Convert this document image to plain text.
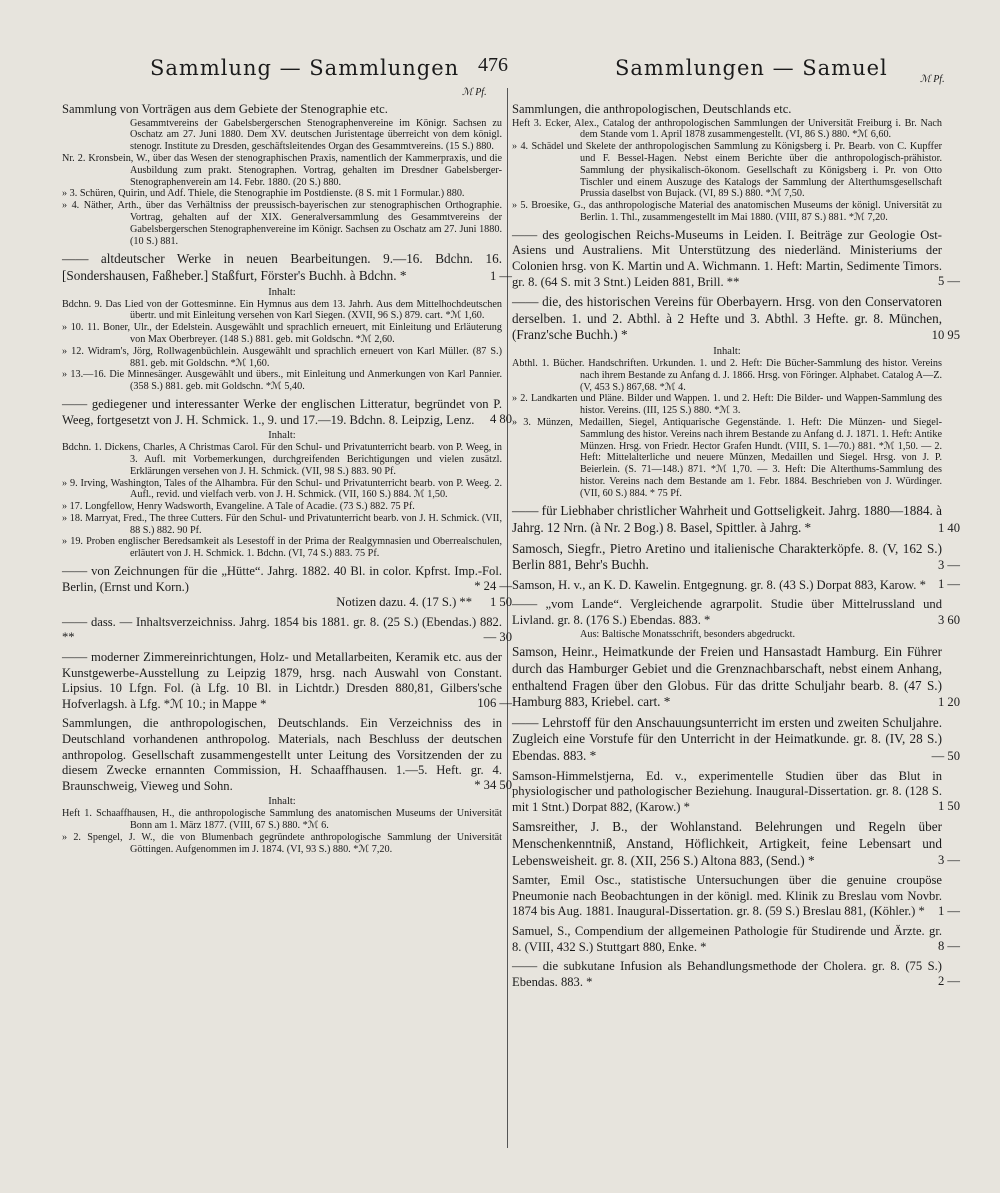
Sammlung — Sammlungen 476	Sammlungen — Samuel
ℳ Pf.
ℳ Pf.

Sammlung von Vorträgen aus dem Gebiete der Stenographie etc.

Gesammtvereins der Gabelsbergerschen Stenographenvereine im Königr. Sachsen zu Oschatz am 27. Juni 1880. Dem XV. deutschen Juristentage überreicht von dem königl. stenogr. Institute zu Dresden, geschäftsleitendes Organ des Gesammtvereins. (15 S.) 880.

Nr. 2. Kronsbein, W., über das Wesen der stenographischen Praxis, namentlich der Kammerpraxis, und die Ausbildung zum prakt. Stenographen. Vortrag, gehalten im Dresdner Gabelsberger-Stenographenverein am 14. Febr. 1880. (20 S.) 880.

» 3. Schüren, Quirin, und Adf. Thiele, die Stenographie im Postdienste. (8 S. mit 1 Formular.) 880.

» 4. Näther, Arth., über das Verhältniss der preussisch-bayerischen zur stenographischen Orthographie. Vortrag, gehalten auf der XIX. Generalversammlung des Gesammtvereins der Gabelsbergerschen Stenographenvereine im Königr. Sachsen zu Oschatz am 27. Juni 1880. (10 S.) 881.

—— altdeutscher Werke in neuen Bearbeitungen. 9.—16. Bdchn. 16. [Sondershausen, Faßheber.] Staßfurt, Förster's Buchh. à Bdchn. *

Inhalt:

Bdchn. 9. Das Lied von der Gottesminne. Ein Hymnus aus dem 13. Jahrh. Aus dem Mittelhochdeutschen übertr. und mit Einleitung versehen von Karl Siegen. (XVII, 96 S.) 879. cart. *ℳ 1,60.

» 10. 11. Boner, Ulr., der Edelstein. Ausgewählt und sprachlich erneuert, mit Einleitung und Erläuterung von Max Oberbreyer. (148 S.) 881. geb. mit Goldschn. *ℳ 2,60.

» 12. Widram's, Jörg, Rollwagenbüchlein. Ausgewählt und sprachlich erneuert von Karl Müller. (87 S.) 881. geb. mit Goldschn. *ℳ 1,60.

» 13.—16. Die Minnesänger. Ausgewählt und übers., mit Einleitung und Anmerkungen von Karl Pannier. (358 S.) 881. geb. mit Goldschn. *ℳ 5,40.

—— gediegener und interessanter Werke der englischen Litteratur, begründet von P. Weeg, fortgesetzt von J. H. Schmick. 1., 9. und 17.—19. Bdchn. 8. Leipzig, Lenz.

Inhalt:

Bdchn. 1. Dickens, Charles, A Christmas Carol. Für den Schul- und Privatunterricht bearb. von P. Weeg, in 3. Aufl. mit Vorbemerkungen, durchgreifenden Berichtigungen und vielen zusätzl. Erklärungen versehen von J. H. Schmick. (VII, 98 S.) 883. 90 Pf.

» 9. Irving, Washington, Tales of the Alhambra. Für den Schul- und Privatunterricht bearb. von P. Weeg. 2. Aufl., revid. und vielfach verb. von J. H. Schmick. (VII, 160 S.) 884. ℳ 1,50.

» 17. Longfellow, Henry Wadsworth, Evangeline. A Tale of Acadie. (73 S.) 882. 75 Pf.

» 18. Marryat, Fred., The three Cutters. Für den Schul- und Privatunterricht bearb. von J. H. Schmick. (VII, 88 S.) 882. 90 Pf.

» 19. Proben englischer Beredsamkeit als Lesestoff in der Prima der Realgymnasien und Oberrealschulen, erläutert von J. H. Schmick. 1. Bdchn. (VI, 74 S.) 883. 75 Pf.

—— von Zeichnungen für die „Hütte“. Jahrg. 1882. 40 Bl. in color. Kpfrst. Imp.-Fol. Berlin, (Ernst und Korn.)

Notizen dazu. 4. (17 S.) **

—— dass. — Inhaltsverzeichniss. Jahrg. 1854 bis 1881. gr. 8. (25 S.) (Ebendas.) 882. **

—— moderner Zimmereinrichtungen, Holz- und Metallarbeiten, Keramik etc. aus der Kunstgewerbe-Ausstellung zu Leipzig 1879, hrsg. nach Auswahl von Constant. Lipsius. 10 Lfgn. Fol. (à Lfg. 10 Bl. in Lichtdr.) Dresden 880,81, Gilbers'sche Hofverlagsh. à Lfg. *ℳ 10.; in Mappe *

Sammlungen, die anthropologischen, Deutschlands. Ein Verzeichniss des in Deutschland vorhandenen anthropolog. Materials, nach Beschluss der deutschen anthropolog. Gesellschaft zusammengestellt unter Leitung des Vorsitzenden der zu diesem Zwecke ernannten Commission, H. Schaaffhausen. 1.—5. Heft. gr. 4. Braunschweig, Vieweg und Sohn.

Inhalt:

Heft 1. Schaaffhausen, H., die anthropologische Sammlung des anatomischen Museums der Universität Bonn am 1. März 1877. (VIII, 67 S.) 880. *ℳ 6.

» 2. Spengel, J. W., die von Blumenbach gegründete anthropologische Sammlung der Universität Göttingen. Aufgenommen im J. 1874. (VI, 93 S.) 880. *ℳ 7,20.

Sammlungen, die anthropologischen, Deutschlands etc.

Heft 3. Ecker, Alex., Catalog der anthropologischen Sammlungen der Universität Freiburg i. Br. Nach dem Stande vom 1. April 1878 zusammengestellt. (VI, 86 S.) 880. *ℳ 6,60.

» 4. Schädel und Skelete der anthropologischen Sammlung zu Königsberg i. Pr. Bearb. von C. Kupffer und F. Bessel-Hagen. Nebst einem Berichte über die anthropologisch-prähistor. Sammlung der physikalisch-ökonom. Gesellschaft zu Königsberg i. Pr. von Otto Tischler und einem Auszuge des Katalogs der Sammlung der Alterthumsgesellschaft Prussia daselbst von Bujack. (VI, 89 S.) 880. *ℳ 7,50.

» 5. Broesike, G., das anthropologische Material des anatomischen Museums der königl. Universität zu Berlin. 1. Thl., zusammengestellt im Mai 1880. (VIII, 87 S.) 881. *ℳ 7,20.

—— des geologischen Reichs-Museums in Leiden. I. Beiträge zur Geologie Ost-Asiens und Australiens. Mit Unterstützung des niederländ. Ministeriums der Colonien hrsg. von K. Martin und A. Wichmann. 1. Heft: Martin, Sedimente Timors. gr. 8. (64 S. mit 3 Stnt.) Leiden 881, Brill. **

—— die, des historischen Vereins für Oberbayern. Hrsg. von den Conservatoren derselben. 1. und 2. Abthl. à 2 Hefte und 3. Abthl. 3 Hefte. gr. 8. München, (Franz'sche Buchh.) *

Inhalt:

Abthl. 1. Bücher. Handschriften. Urkunden. 1. und 2. Heft: Die Bücher-Sammlung des histor. Vereins nach ihrem Bestande zu Anfang d. J. 1866. Hrsg. von Föringer. Alphabet. Catalog A—Z. (V, 453 S.) 867,68. *ℳ 4.

» 2. Landkarten und Pläne. Bilder und Wappen. 1. und 2. Heft: Die Bilder- und Wappen-Sammlung des histor. Vereins. (III, 125 S.) 880. *ℳ 3.

» 3. Münzen, Medaillen, Siegel, Antiquarische Gegenstände. 1. Heft: Die Münzen- und Siegel-Sammlung des histor. Vereins nach ihrem Bestande zu Anfang d. J. 1871. 1. Heft: Antike Münzen. Hrsg. von Friedr. Hector Grafen Hundt. (VIII, S. 1—70.) 881. *ℳ 1,50. — 2. Heft: Mittelalterliche und neuere Münzen, Medaillen und Siegel. Hrsg. von J. P. Beierlein. (S. 71—148.) 871. *ℳ 1,70. — 3. Heft: Die Alterthums-Sammlung des histor. Vereins nach dem Bestande am 1. Febr. 1884. Beschrieben von J. Würdinger. (VII, 60 S.) 884. * 75 Pf.

—— für Liebhaber christlicher Wahrheit und Gottseligkeit. Jahrg. 1880—1884. à Jahrg. 12 Nrn. (à Nr. 2 Bog.) 8. Basel, Spittler. à Jahrg. *

Samosch, Siegfr., Pietro Aretino und italienische Charakterköpfe. 8. (V, 162 S.) Berlin 881, Behr's Buchh.

Samson, H. v., an K. D. Kawelin. Entgegnung. gr. 8. (43 S.) Dorpat 883, Karow. *

—— „vom Lande“. Vergleichende agrarpolit. Studie über Mittelrussland und Livland. gr. 8. (176 S.) Ebendas. 883. *

Aus: Baltische Monatsschrift, besonders abgedruckt.

Samson, Heinr., Heimatkunde der Freien und Hansastadt Hamburg. Ein Führer durch das Hamburger Gebiet und die Grenznachbarschaft, nebst einem Anhang, enthaltend Fragen über den Globus. Für das dritte Schuljahr bearb. 8. (47 S.) Hamburg 883, Kriebel. cart. *

—— Lehrstoff für den Anschauungsunterricht im ersten und zweiten Schuljahre. Zugleich eine Vorstufe für den Unterricht in der Heimatkunde. gr. 8. (IV, 28 S.) Ebendas. 883. *

Samson-Himmelstjerna, Ed. v., experimentelle Studien über das Blut in physiologischer und pathologischer Beziehung. Inaugural-Dissertation. gr. 8. (128 S. mit 1 Stnt.) Dorpat 882, (Karow.) *

Samsreither, J. B., der Wohlanstand. Belehrungen und Regeln über Menschenkenntniß, Anstand, Höflichkeit, Artigkeit, feine Lebensart und Lebensweisheit. gr. 8. (XII, 256 S.) Altona 883, (Send.) *

Samter, Emil Osc., statistische Untersuchungen über die genuine croupöse Pneumonie nach Beobachtungen in der königl. med. Klinik zu Breslau vom Novbr. 1874 bis Aug. 1881. Inaugural-Dissertation. gr. 8. (59 S.) Breslau 881, (Köhler.) *

Samuel, S., Compendium der allgemeinen Pathologie für Studirende und Ärzte. gr. 8. (VIII, 432 S.) Stuttgart 880, Enke. *

—— die subkutane Infusion als Behandlungsmethode der Cholera. gr. 8. (75 S.) Ebendas. 883. *

1 —
4 80
* 24 —
1 50
— 30
106 —
* 34 50
5 —
10 95
1 40
3 —
1 —
3 60
1 20
— 50
1 50
3 —
1 —
8 —
2 —
